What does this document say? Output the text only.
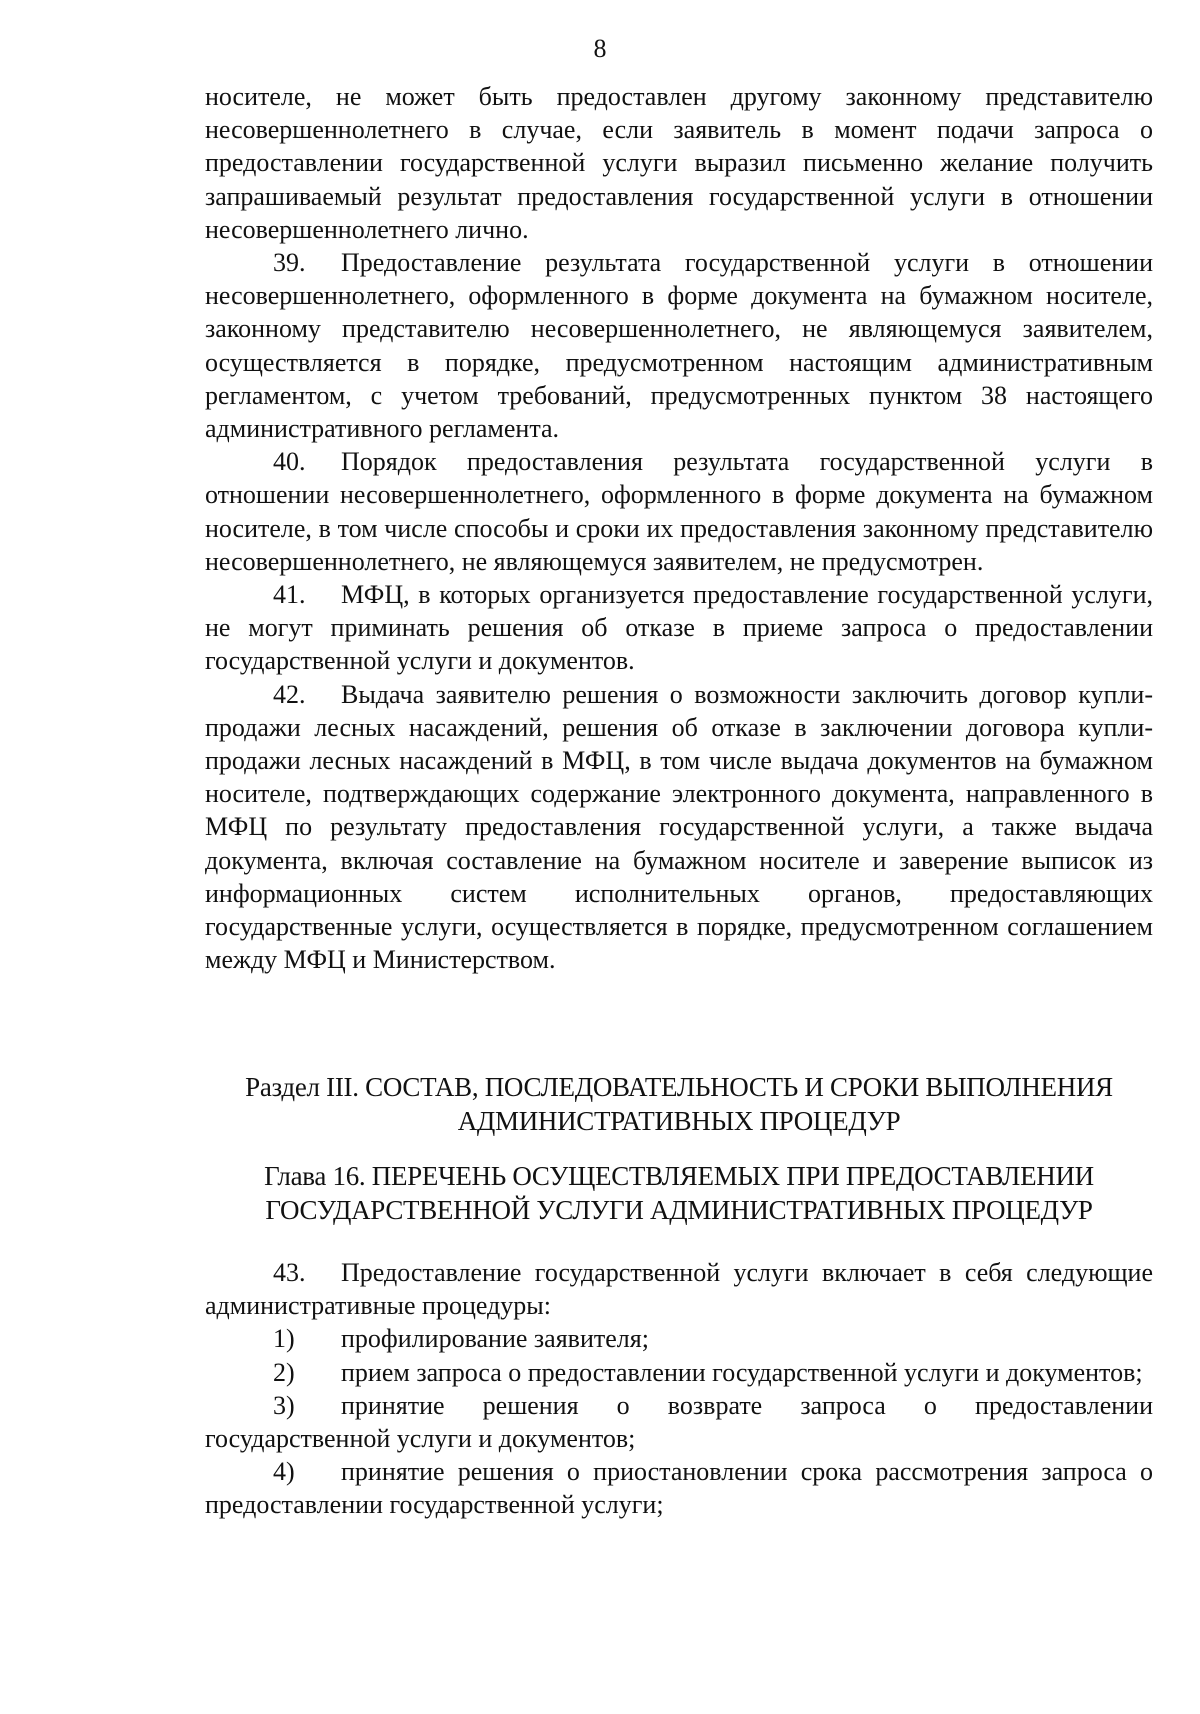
8

носителе, не может быть предоставлен другому законному представителю несовершеннолетнего в случае, если заявитель в момент подачи запроса о предоставлении государственной услуги выразил письменно желание получить запрашиваемый результат предоставления государственной услуги в отношении несовершеннолетнего лично.

39. Предоставление результата государственной услуги в отношении несовершеннолетнего, оформленного в форме документа на бумажном носителе, законному представителю несовершеннолетнего, не являющемуся заявителем, осуществляется в порядке, предусмотренном настоящим административным регламентом, с учетом требований, предусмотренных пунктом 38 настоящего административного регламента.

40. Порядок предоставления результата государственной услуги в отношении несовершеннолетнего, оформленного в форме документа на бумажном носителе, в том числе способы и сроки их предоставления законному представителю несовершеннолетнего, не являющемуся заявителем, не предусмотрен.

41. МФЦ, в которых организуется предоставление государственной услуги, не могут приминать решения об отказе в приеме запроса о предоставлении государственной услуги и документов.

42. Выдача заявителю решения о возможности заключить договор купли-продажи лесных насаждений, решения об отказе в заключении договора купли-продажи лесных насаждений в МФЦ, в том числе выдача документов на бумажном носителе, подтверждающих содержание электронного документа, направленного в МФЦ по результату предоставления государственной услуги, а также выдача документа, включая составление на бумажном носителе и заверение выписок из информационных систем исполнительных органов, предоставляющих государственные услуги, осуществляется в порядке, предусмотренном соглашением между МФЦ и Министерством.

Раздел III. СОСТАВ, ПОСЛЕДОВАТЕЛЬНОСТЬ И СРОКИ ВЫПОЛНЕНИЯ
АДМИНИСТРАТИВНЫХ ПРОЦЕДУР
Глава 16. ПЕРЕЧЕНЬ ОСУЩЕСТВЛЯЕМЫХ ПРИ ПРЕДОСТАВЛЕНИИ
ГОСУДАРСТВЕННОЙ УСЛУГИ АДМИНИСТРАТИВНЫХ ПРОЦЕДУР

43. Предоставление государственной услуги включает в себя следующие административные процедуры:

1) профилирование заявителя;

2) прием запроса о предоставлении государственной услуги и документов;

3) принятие решения о возврате запроса о предоставлении государственной услуги и документов;

4) принятие решения о приостановлении срока рассмотрения запроса о предоставлении государственной услуги;
